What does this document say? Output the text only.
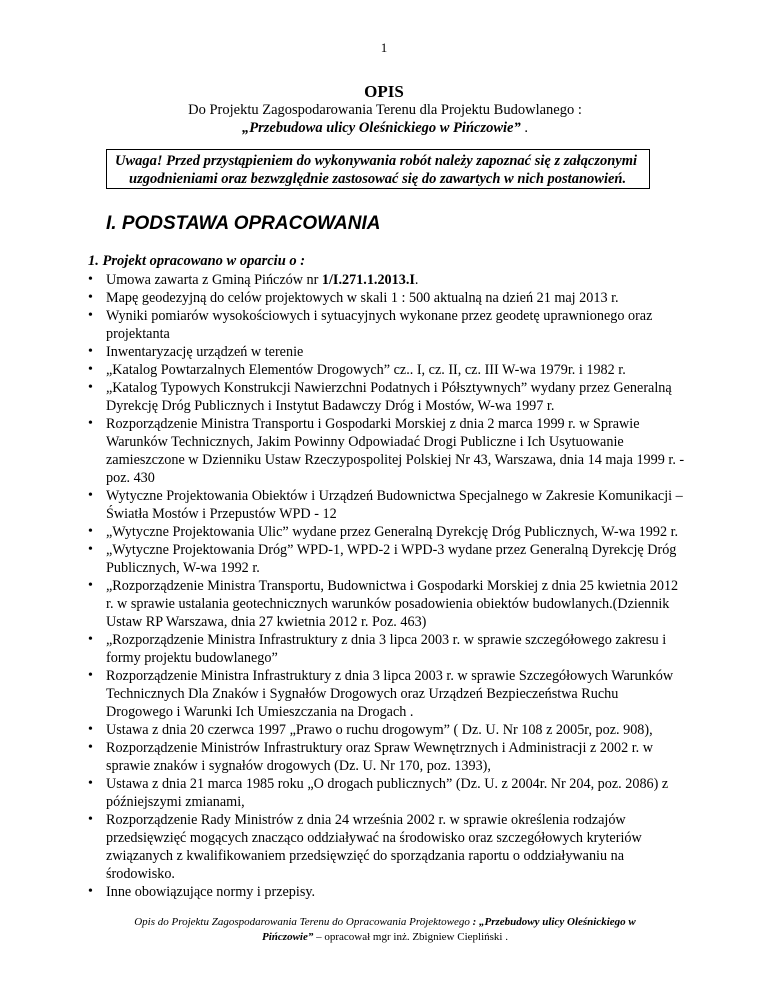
1
OPIS
Do Projektu Zagospodarowania Terenu dla Projektu Budowlanego : „Przebudowa ulicy Oleśnickiego w Pińczowie” .
Uwaga! Przed przystąpieniem do wykonywania robót należy zapoznać się z załączonymi
uzgodnieniami oraz bezwzględnie zastosować się do zawartych w nich postanowień.
I. PODSTAWA OPRACOWANIA
1. Projekt opracowano w oparciu o :
• Umowa zawarta z Gminą Pińczów nr 1/I.271.1.2013.I.
• Mapę geodezyjną do celów projektowych w skali 1 : 500 aktualną na dzień 21 maj 2013 r.
• Wyniki pomiarów wysokościowych i sytuacyjnych wykonane przez geodetę uprawnionego oraz projektanta
• Inwentaryzację urządzeń w terenie
• „Katalog Powtarzalnych Elementów Drogowych” cz.. I, cz. II, cz. III W-wa 1979r. i 1982 r.
• „Katalog Typowych Konstrukcji Nawierzchni Podatnych i Półsztywnych” wydany przez Generalną Dyrekcję Dróg Publicznych i Instytut Badawczy Dróg i Mostów, W-wa 1997 r.
• Rozporządzenie Ministra Transportu i Gospodarki Morskiej z dnia 2 marca 1999 r. w Sprawie Warunków Technicznych, Jakim Powinny Odpowiadać Drogi Publiczne i Ich Usytuowanie zamieszczone w Dzienniku Ustaw Rzeczypospolitej Polskiej Nr 43, Warszawa, dnia 14 maja 1999 r. - poz. 430
• Wytyczne Projektowania Obiektów i Urządzeń Budownictwa Specjalnego w Zakresie Komunikacji – Światła Mostów i Przepustów WPD - 12
• „Wytyczne Projektowania Ulic” wydane przez Generalną Dyrekcję Dróg Publicznych, W-wa 1992 r.
• „Wytyczne Projektowania Dróg” WPD-1, WPD-2 i WPD-3 wydane przez Generalną Dyrekcję Dróg Publicznych, W-wa 1992 r.
• „Rozporządzenie Ministra Transportu, Budownictwa i Gospodarki Morskiej z dnia 25 kwietnia 2012 r. w sprawie ustalania geotechnicznych warunków posadowienia obiektów budowlanych.(Dziennik Ustaw RP Warszawa, dnia 27 kwietnia 2012 r. Poz. 463)
• „Rozporządzenie Ministra Infrastruktury z dnia 3 lipca 2003 r. w sprawie szczegółowego zakresu i formy projektu budowlanego”
• Rozporządzenie Ministra Infrastruktury z dnia 3 lipca 2003 r. w sprawie Szczegółowych Warunków Technicznych Dla Znaków i Sygnałów Drogowych oraz Urządzeń Bezpieczeństwa Ruchu Drogowego i Warunki Ich Umieszczania na Drogach .
• Ustawa z dnia 20 czerwca 1997 „Prawo o ruchu drogowym” ( Dz. U. Nr 108 z 2005r, poz. 908),
• Rozporządzenie Ministrów Infrastruktury oraz Spraw Wewnętrznych i Administracji z 2002 r. w sprawie znaków i sygnałów drogowych (Dz. U. Nr 170, poz. 1393),
• Ustawa z dnia 21 marca 1985 roku „O drogach publicznych” (Dz. U. z 2004r. Nr 204, poz. 2086) z późniejszymi zmianami,
• Rozporządzenie Rady Ministrów z dnia 24 września 2002 r. w sprawie określenia rodzajów przedsięwzięć mogących znacząco oddziaływać na środowisko oraz szczegółowych kryteriów związanych z kwalifikowaniem przedsięwzięć do sporządzania raportu o oddziaływaniu na środowisko.
• Inne obowiązujące normy i przepisy.
Opis do Projektu Zagospodarowania Terenu do Opracowania Projektowego : „Przebudowy ulicy Oleśnickiego w Pińczowie” – opracował mgr inż. Zbigniew Ciepliński .
